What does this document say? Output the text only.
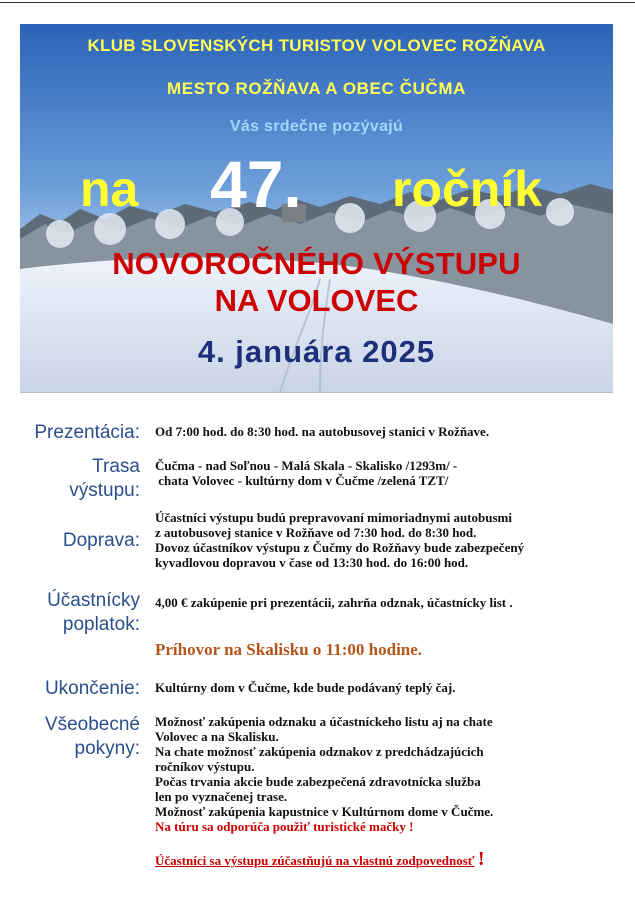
KLUB SLOVENSKÝCH TURISTOV VOLOVEC ROŽŇAVA
MESTO ROŽŇAVA A OBEC ČUČMA
Vás srdečne pozývajú
na 47. ročník
NOVOROČNÉHO VÝSTUPU
NA VOLOVEC
4. januára 2025
Prezentácia: Od 7:00 hod. do 8:30 hod. na autobusovej stanici v Rožňave.
Trasa
výstupu:

Čučma - nad Soľnou - Malá Skala - Skalisko /1293m/ -

chata Volovec - kultúrny dom v Čučme /zelená TZT/

Doprava:

Účastníci výstupu budú prepravovaní mimoriadnymi autobusmi

z autobusovej stanice v Rožňave od 7:30 hod. do 8:30 hod.

Dovoz účastníkov výstupu z Čučmy do Rožňavy bude zabezpečený

kyvadlovou dopravou v čase od 13:30 hod. do 16:00 hod.

Účastnícky
poplatok:
4,00 € zakúpenie pri prezentácii, zahrňa odznak, účastnícky list .
Príhovor na Skalisku o 11:00 hodine.
Ukončenie: Kultúrny dom v Čučme, kde bude podávaný teplý čaj.
Všeobecné
pokyny:

Možnosť zakúpenia odznaku a účastníckeho listu aj na chate

Volovec a na Skalisku.

Na chate možnosť zakúpenia odznakov z predchádzajúcich

ročníkov výstupu.

Počas trvania akcie bude zabezpečená zdravotnícka služba

len po vyznačenej trase.

Možnosť zakúpenia kapustnice v Kultúrnom dome v Čučme.

Na túru sa odporúča použiť turistické mačky !

Účastníci sa výstupu zúčastňujú na vlastnú zodpovednosť !
